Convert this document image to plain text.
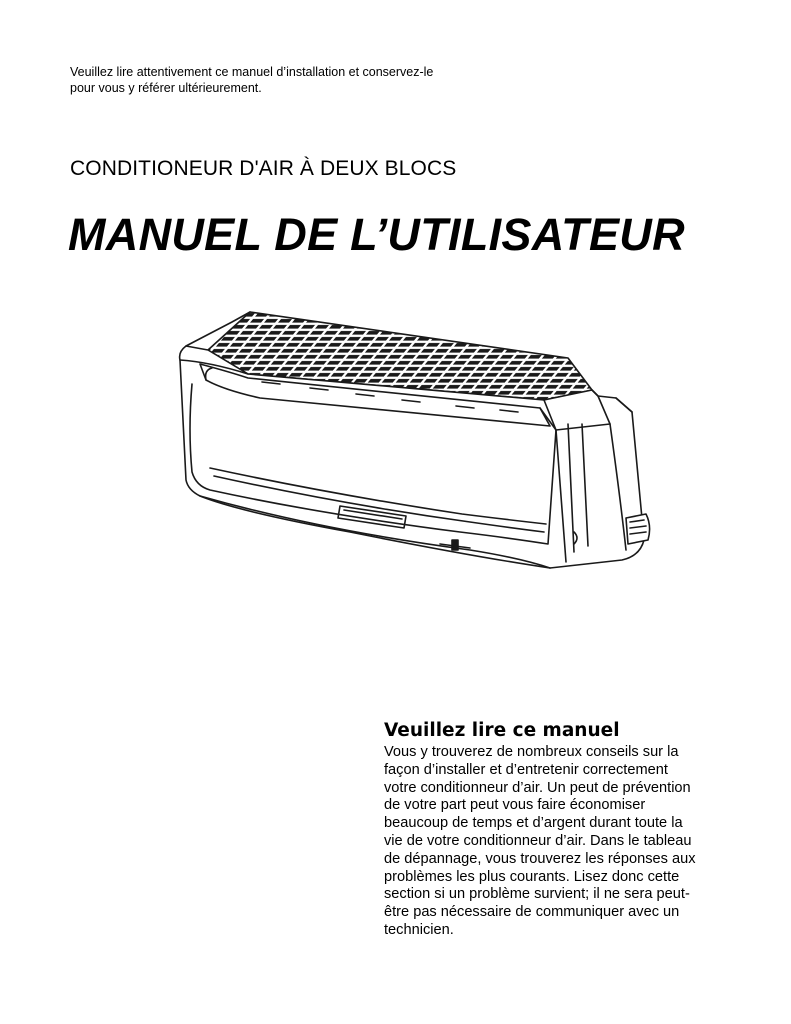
Veuillez lire attentivement ce manuel d’installation et conservez-le
pour vous y référer ultérieurement.
CONDITIONEUR D'AIR À DEUX BLOCS
MANUEL DE L’UTILISATEUR
Veuillez lire ce manuel
Vous y trouverez de nombreux conseils sur la
façon d’installer et d’entretenir correctement
votre conditionneur d’air. Un peut de prévention
de votre part peut vous faire économiser
beaucoup de temps et d’argent durant toute la
vie de votre conditionneur d’air. Dans le tableau
de dépannage, vous trouverez les réponses aux
problèmes les plus courants. Lisez donc cette
section si un problème survient; il ne sera peut-
être pas nécessaire de communiquer avec un
technicien.
